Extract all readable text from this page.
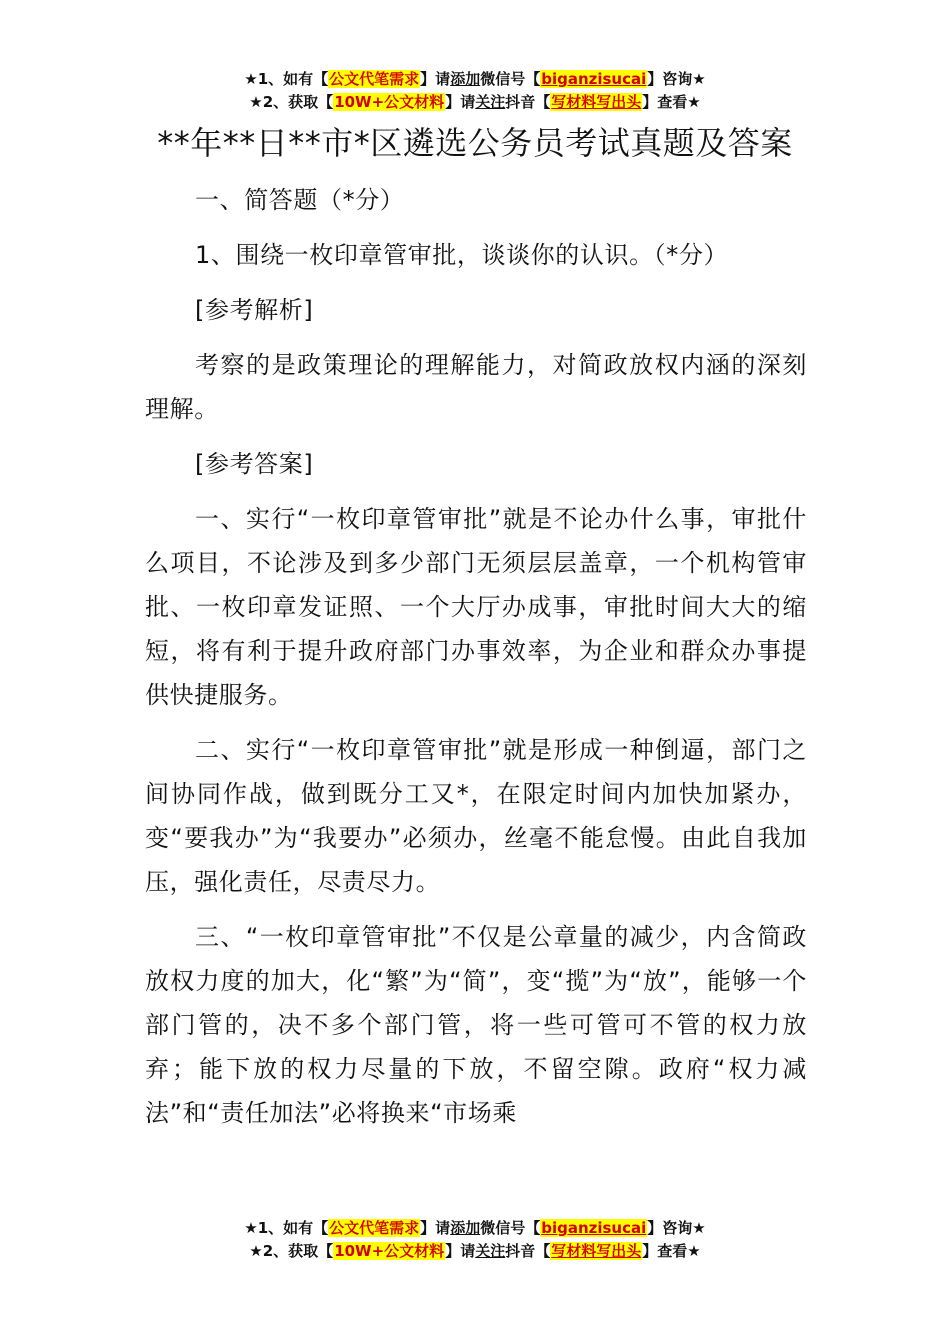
★1、如有【公文代笔需求】请添加微信号【biganzisucai】咨询★
★2、获取【10W+公文材料】请关注抖音【写材料写出头】查看★
**年**日**市*区遴选公务员考试真题及答案

一、简答题（*分）

1、围绕一枚印章管审批，谈谈你的认识。（*分）

[参考解析]

考察的是政策理论的理解能力，对简政放权内涵的深刻理解。

[参考答案]

一、实行“一枚印章管审批”就是不论办什么事，审批什么项目，不论涉及到多少部门无须层层盖章，一个机构管审批、一枚印章发证照、一个大厅办成事，审批时间大大的缩短，将有利于提升政府部门办事效率，为企业和群众办事提供快捷服务。

二、实行“一枚印章管审批”就是形成一种倒逼，部门之间协同作战，做到既分工又*，在限定时间内加快加紧办，变“要我办”为“我要办”必须办，丝毫不能怠慢。由此自我加压，强化责任，尽责尽力。

三、“一枚印章管审批”不仅是公章量的减少，内含简政放权力度的加大，化“繁”为“简”，变“揽”为“放”，能够一个部门管的，决不多个部门管，将一些可管可不管的权力放弃；能下放的权力尽量的下放，不留空隙。政府“权力减法”和“责任加法”必将换来“市场乘

★1、如有【公文代笔需求】请添加微信号【biganzisucai】咨询★
★2、获取【10W+公文材料】请关注抖音【写材料写出头】查看★
